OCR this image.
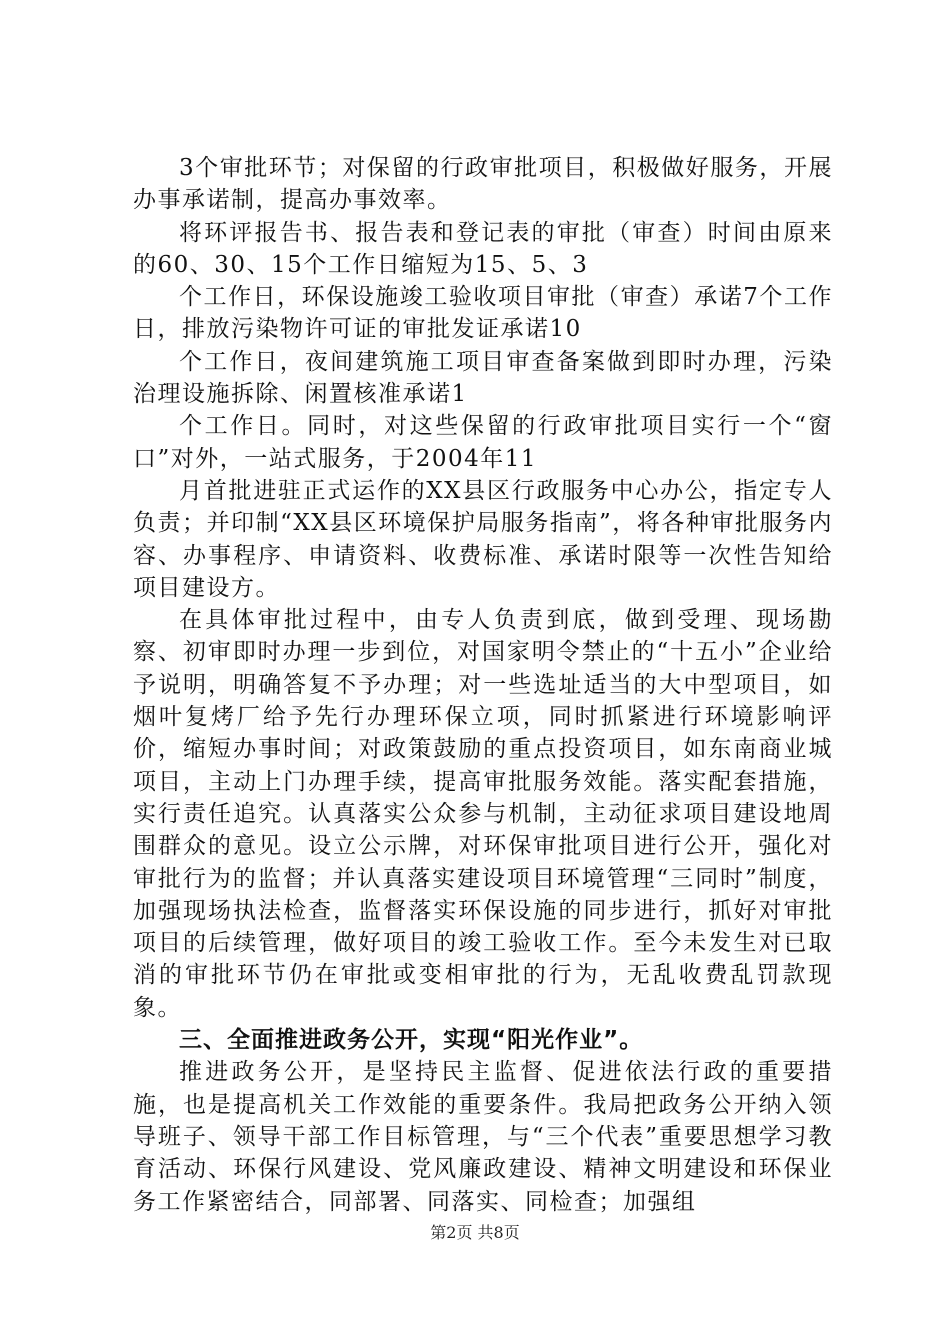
3个审批环节；对保留的行政审批项目，积极做好服务，开展办事承诺制，提高办事效率。

将环评报告书、报告表和登记表的审批（审查）时间由原来的60、30、15个工作日缩短为15、5、3

个工作日，环保设施竣工验收项目审批（审查）承诺7个工作日，排放污染物许可证的审批发证承诺10

个工作日，夜间建筑施工项目审查备案做到即时办理，污染治理设施拆除、闲置核准承诺1

个工作日。同时，对这些保留的行政审批项目实行一个“窗口”对外，一站式服务，于2004年11

月首批进驻正式运作的XX县区行政服务中心办公，指定专人负责；并印制“XX县区环境保护局服务指南”，将各种审批服务内容、办事程序、申请资料、收费标准、承诺时限等一次性告知给项目建设方。

在具体审批过程中，由专人负责到底，做到受理、现场勘察、初审即时办理一步到位，对国家明令禁止的“十五小”企业给予说明，明确答复不予办理；对一些选址适当的大中型项目，如烟叶复烤厂给予先行办理环保立项，同时抓紧进行环境影响评价，缩短办事时间；对政策鼓励的重点投资项目，如东南商业城项目，主动上门办理手续，提高审批服务效能。落实配套措施，实行责任追究。认真落实公众参与机制，主动征求项目建设地周围群众的意见。设立公示牌，对环保审批项目进行公开，强化对审批行为的监督；并认真落实建设项目环境管理“三同时”制度，加强现场执法检查，监督落实环保设施的同步进行，抓好对审批项目的后续管理，做好项目的竣工验收工作。至今未发生对已取消的审批环节仍在审批或变相审批的行为，无乱收费乱罚款现象。

三、全面推进政务公开，实现“阳光作业”。

推进政务公开，是坚持民主监督、促进依法行政的重要措施，也是提高机关工作效能的重要条件。我局把政务公开纳入领导班子、领导干部工作目标管理，与“三个代表”重要思想学习教育活动、环保行风建设、党风廉政建设、精神文明建设和环保业务工作紧密结合，同部署、同落实、同检查；加强组

第2页 共8页
